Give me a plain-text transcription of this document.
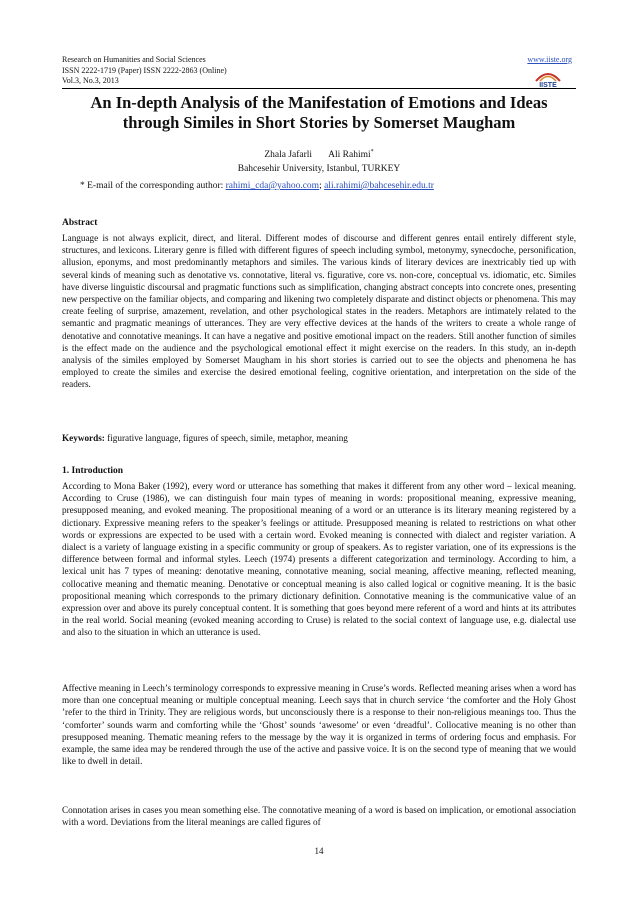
Research on Humanities and Social Sciences
ISSN 2222-1719 (Paper) ISSN 2222-2863 (Online)
Vol.3, No.3, 2013
www.iiste.org
IISTE
An In-depth Analysis of the Manifestation of Emotions and Ideas through Similes in Short Stories by Somerset Maugham
Zhala Jafarli Ali Rahimi*
Bahcesehir University, Istanbul, TURKEY
* E-mail of the corresponding author: rahimi_cda@yahoo.com; ali.rahimi@bahcesehir.edu.tr
Abstract
Language is not always explicit, direct, and literal. Different modes of discourse and different genres entail entirely different style, structures, and lexicons. Literary genre is filled with different figures of speech including symbol, metonymy, synecdoche, personification, allusion, eponyms, and most predominantly metaphors and similes. The various kinds of literary devices are inextricably tied up with several kinds of meaning such as denotative vs. connotative, literal vs. figurative, core vs. non-core, conceptual vs. idiomatic, etc. Similes have diverse linguistic discoursal and pragmatic functions such as simplification, changing abstract concepts into concrete ones, presenting new perspective on the familiar objects, and comparing and likening two completely disparate and distinct objects or phenomena. This may create feeling of surprise, amazement, revelation, and other psychological states in the readers. Metaphors are intimately related to the semantic and pragmatic meanings of utterances. They are very effective devices at the hands of the writers to create a whole range of denotative and connotative meanings. It can have a negative and positive emotional impact on the readers. Still another function of similes is the effect made on the audience and the psychological emotional effect it might exercise on the readers. In this study, an in-depth analysis of the similes employed by Somerset Maugham in his short stories is carried out to see the objects and phenomena he has employed to create the similes and exercise the desired emotional feeling, cognitive orientation, and interpretation on the side of the readers.
Keywords: figurative language, figures of speech, simile, metaphor, meaning
1. Introduction
According to Mona Baker (1992), every word or utterance has something that makes it different from any other word – lexical meaning. According to Cruse (1986), we can distinguish four main types of meaning in words: propositional meaning, expressive meaning, presupposed meaning, and evoked meaning. The propositional meaning of a word or an utterance is its literary meaning registered by a dictionary. Expressive meaning refers to the speaker’s feelings or attitude. Presupposed meaning is related to restrictions on what other words or expressions are expected to be used with a certain word. Evoked meaning is connected with dialect and register variation. A dialect is a variety of language existing in a specific community or group of speakers. As to register variation, one of its expressions is the difference between formal and informal styles. Leech (1974) presents a different categorization and terminology. According to him, a lexical unit has 7 types of meaning: denotative meaning, connotative meaning, social meaning, affective meaning, reflected meaning, collocative meaning and thematic meaning. Denotative or conceptual meaning is also called logical or cognitive meaning. It is the basic propositional meaning which corresponds to the primary dictionary definition. Connotative meaning is the communicative value of an expression over and above its purely conceptual content. It is something that goes beyond mere referent of a word and hints at its attributes in the real world. Social meaning (evoked meaning according to Cruse) is related to the social context of language use, e.g. dialectal use and also to the situation in which an utterance is used.
Affective meaning in Leech’s terminology corresponds to expressive meaning in Cruse’s words. Reflected meaning arises when a word has more than one conceptual meaning or multiple conceptual meaning. Leech says that in church service ‘the comforter and the Holy Ghost ’refer to the third in Trinity. They are religious words, but unconsciously there is a response to their non-religious meanings too. Thus the ‘comforter’ sounds warm and comforting while the ‘Ghost’ sounds ‘awesome’ or even ‘dreadful’. Collocative meaning is no other than presupposed meaning. Thematic meaning refers to the message by the way it is organized in terms of ordering focus and emphasis. For example, the same idea may be rendered through the use of the active and passive voice. It is on the second type of meaning that we would like to dwell in detail.
Connotation arises in cases you mean something else. The connotative meaning of a word is based on implication, or emotional association with a word. Deviations from the literal meanings are called figures of
14
